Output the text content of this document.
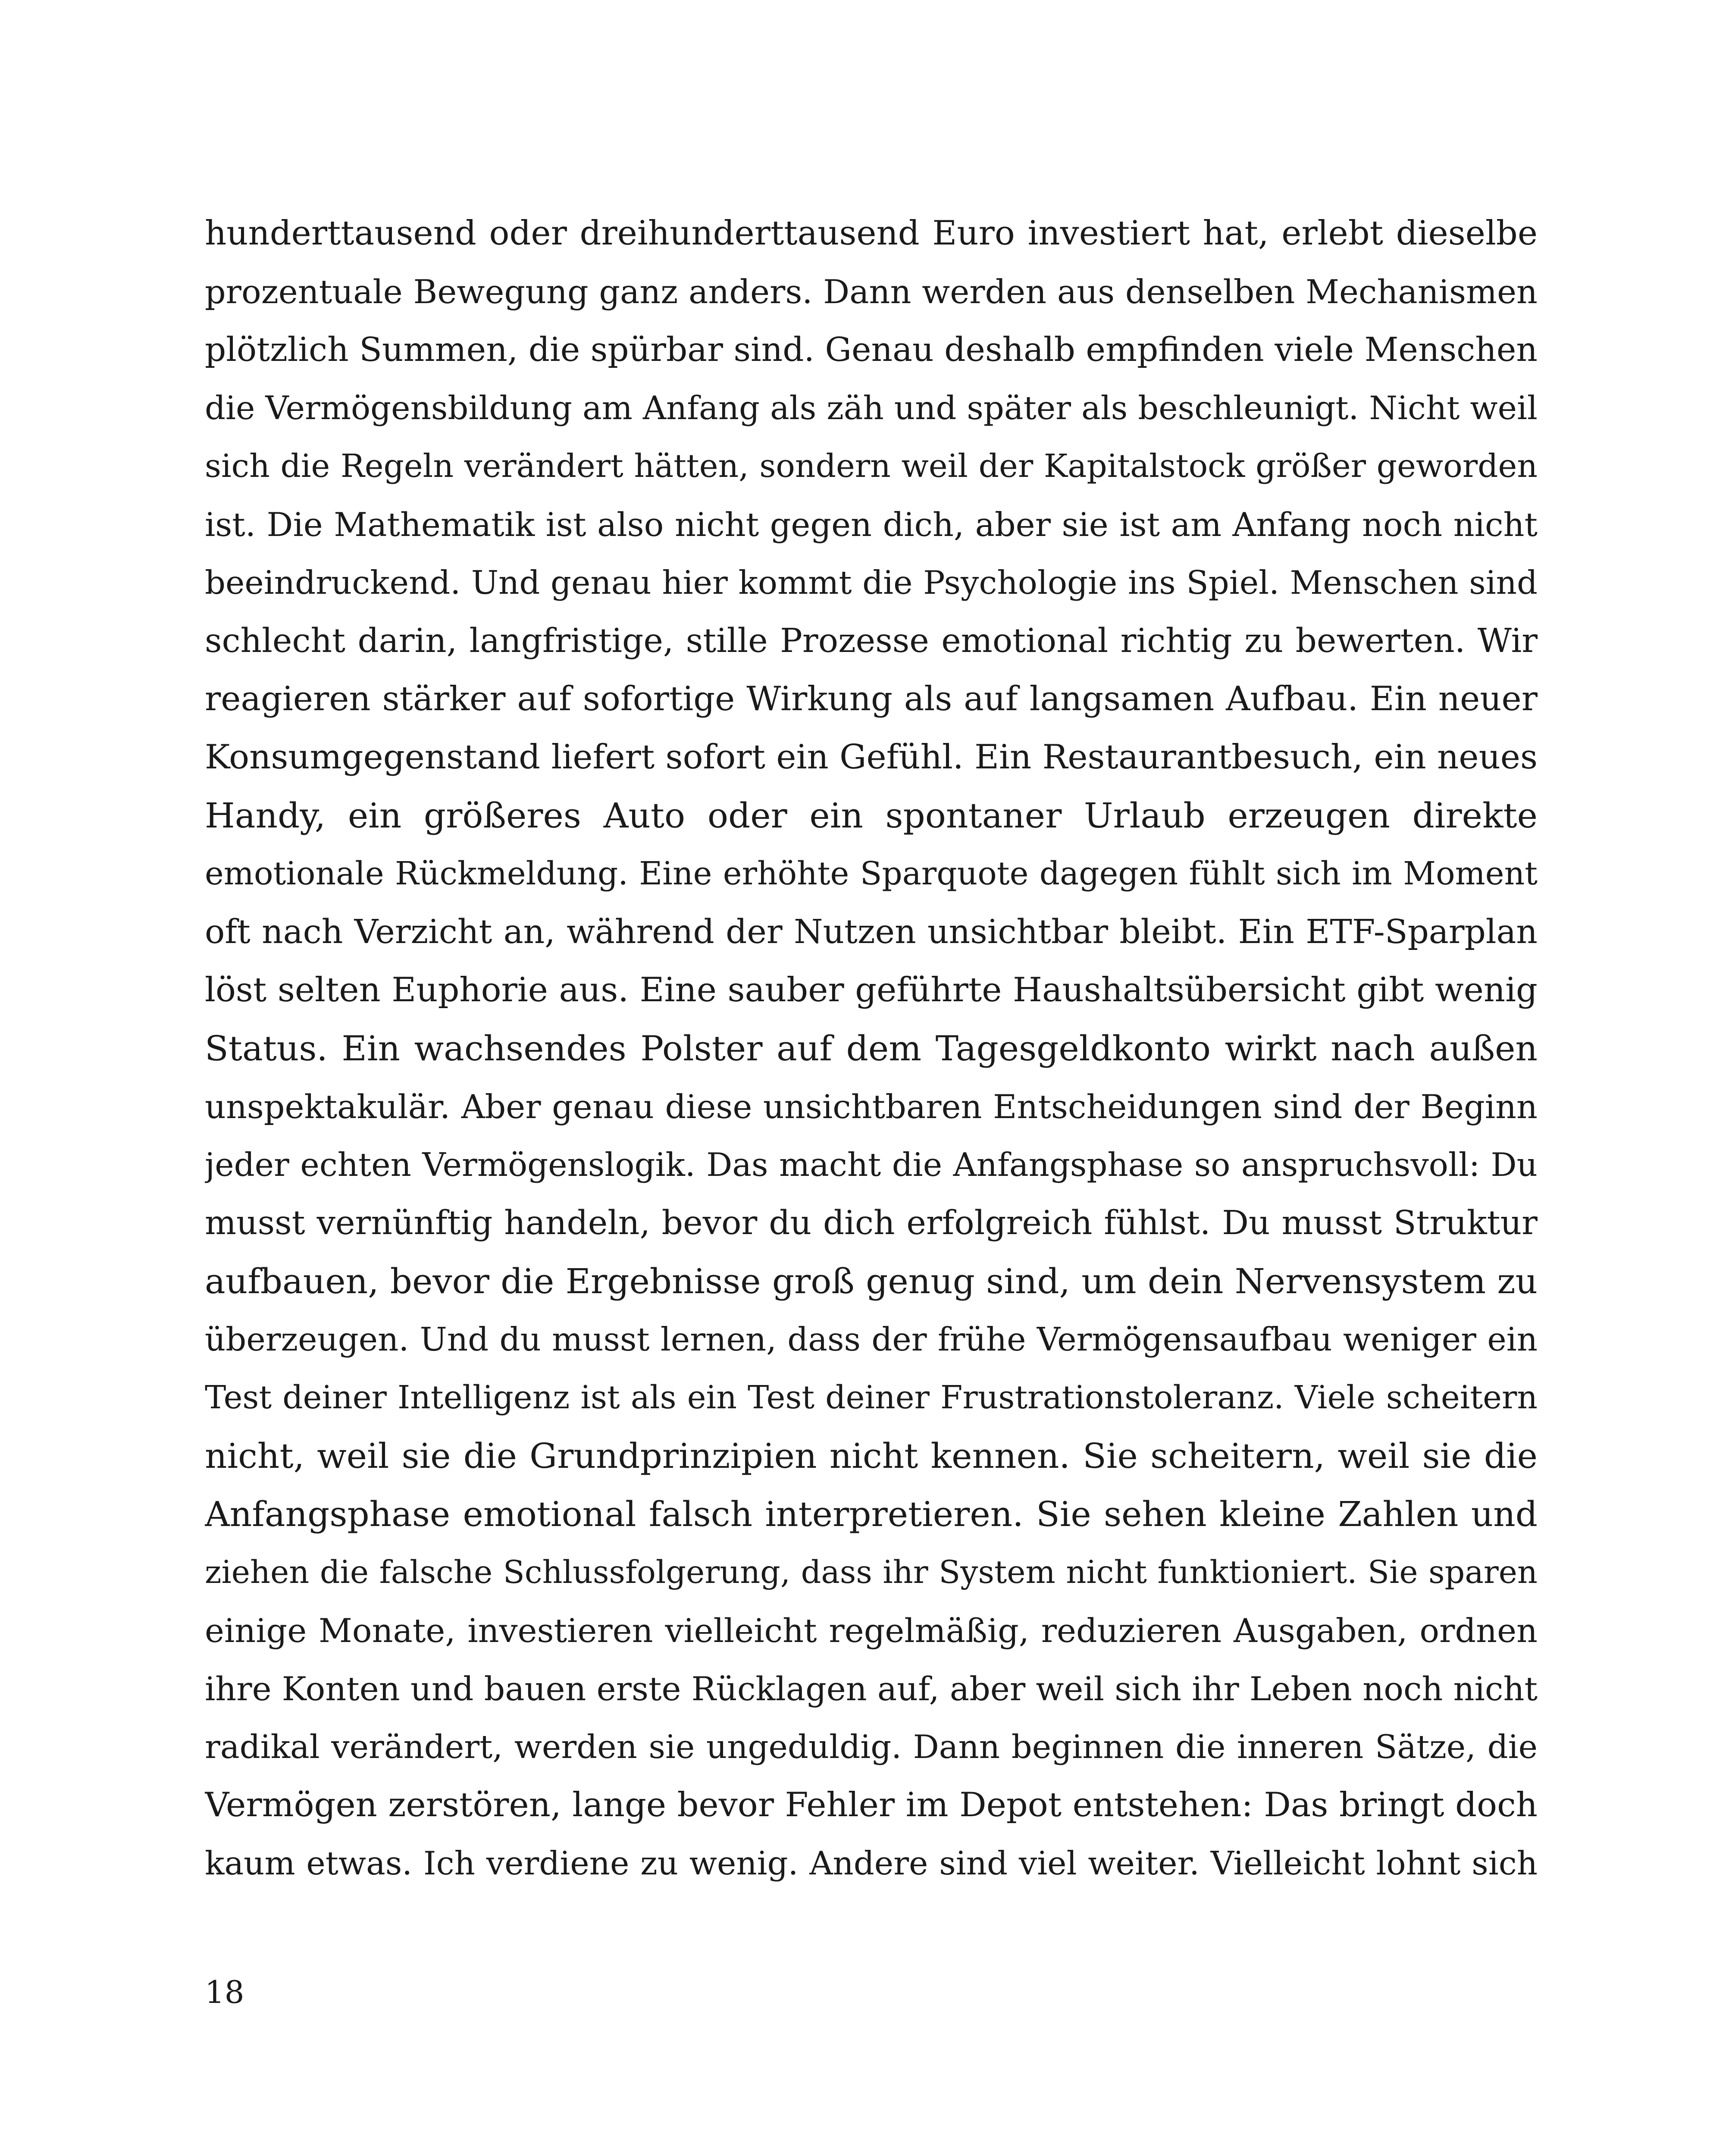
hunderttausend oder dreihunderttausend Euro investiert hat, erlebt dieselbe
prozentuale Bewegung ganz anders. Dann werden aus denselben Mechanismen
plötzlich Summen, die spürbar sind. Genau deshalb empfinden viele Menschen
die Vermögensbildung am Anfang als zäh und später als beschleunigt. Nicht weil
sich die Regeln verändert hätten, sondern weil der Kapitalstock größer geworden
ist. Die Mathematik ist also nicht gegen dich, aber sie ist am Anfang noch nicht
beeindruckend. Und genau hier kommt die Psychologie ins Spiel. Menschen sind
schlecht darin, langfristige, stille Prozesse emotional richtig zu bewerten. Wir
reagieren stärker auf sofortige Wirkung als auf langsamen Aufbau. Ein neuer
Konsumgegenstand liefert sofort ein Gefühl. Ein Restaurantbesuch, ein neues
Handy, ein größeres Auto oder ein spontaner Urlaub erzeugen direkte
emotionale Rückmeldung. Eine erhöhte Sparquote dagegen fühlt sich im Moment
oft nach Verzicht an, während der Nutzen unsichtbar bleibt. Ein ETF-Sparplan
löst selten Euphorie aus. Eine sauber geführte Haushaltsübersicht gibt wenig
Status. Ein wachsendes Polster auf dem Tagesgeldkonto wirkt nach außen
unspektakulär. Aber genau diese unsichtbaren Entscheidungen sind der Beginn
jeder echten Vermögenslogik. Das macht die Anfangsphase so anspruchsvoll: Du
musst vernünftig handeln, bevor du dich erfolgreich fühlst. Du musst Struktur
aufbauen, bevor die Ergebnisse groß genug sind, um dein Nervensystem zu
überzeugen. Und du musst lernen, dass der frühe Vermögensaufbau weniger ein
Test deiner Intelligenz ist als ein Test deiner Frustrationstoleranz. Viele scheitern
nicht, weil sie die Grundprinzipien nicht kennen. Sie scheitern, weil sie die
Anfangsphase emotional falsch interpretieren. Sie sehen kleine Zahlen und
ziehen die falsche Schlussfolgerung, dass ihr System nicht funktioniert. Sie sparen
einige Monate, investieren vielleicht regelmäßig, reduzieren Ausgaben, ordnen
ihre Konten und bauen erste Rücklagen auf, aber weil sich ihr Leben noch nicht
radikal verändert, werden sie ungeduldig. Dann beginnen die inneren Sätze, die
Vermögen zerstören, lange bevor Fehler im Depot entstehen: Das bringt doch
kaum etwas. Ich verdiene zu wenig. Andere sind viel weiter. Vielleicht lohnt sich
18
